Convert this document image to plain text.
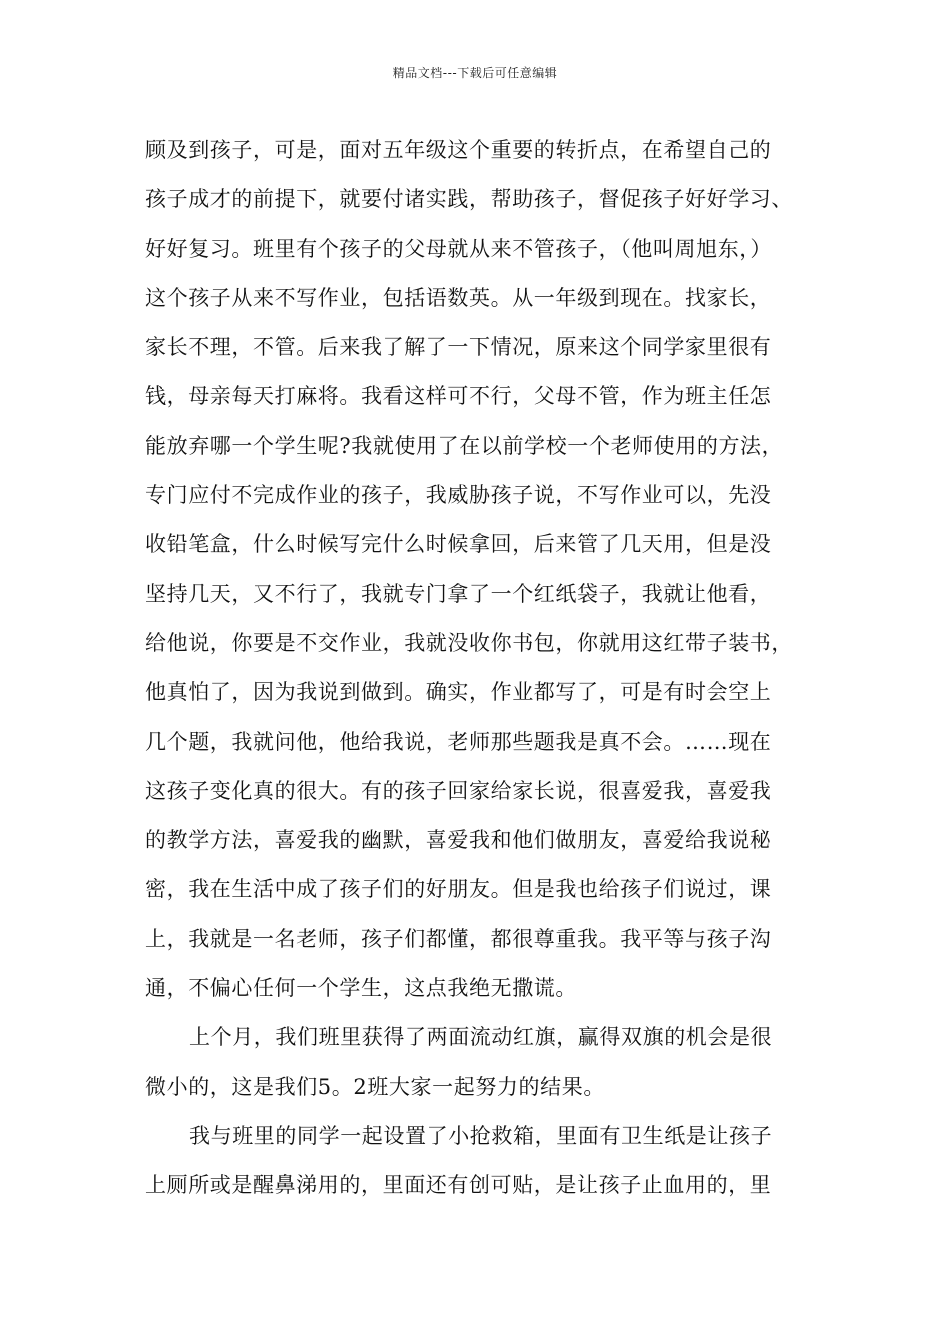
精品文档---下载后可任意编辑
顾及到孩子，可是，面对五年级这个重要的转折点，在希望自己的
孩子成才的前提下，就要付诸实践，帮助孩子，督促孩子好好学习、
好好复习。班里有个孩子的父母就从来不管孩子，（他叫周旭东，）
这个孩子从来不写作业，包括语数英。从一年级到现在。找家长，
家长不理，不管。后来我了解了一下情况，原来这个同学家里很有
钱，母亲每天打麻将。我看这样可不行，父母不管，作为班主任怎
能放弃哪一个学生呢?我就使用了在以前学校一个老师使用的方法，
专门应付不完成作业的孩子，我威胁孩子说，不写作业可以，先没
收铅笔盒，什么时候写完什么时候拿回，后来管了几天用，但是没
坚持几天，又不行了，我就专门拿了一个红纸袋子，我就让他看，
给他说，你要是不交作业，我就没收你书包，你就用这红带子装书，
他真怕了，因为我说到做到。确实，作业都写了，可是有时会空上
几个题，我就问他，他给我说，老师那些题我是真不会。……现在
这孩子变化真的很大。有的孩子回家给家长说，很喜爱我，喜爱我
的教学方法，喜爱我的幽默，喜爱我和他们做朋友，喜爱给我说秘
密，我在生活中成了孩子们的好朋友。但是我也给孩子们说过，课
上，我就是一名老师，孩子们都懂，都很尊重我。我平等与孩子沟
通，不偏心任何一个学生，这点我绝无撒谎。
上个月，我们班里获得了两面流动红旗，赢得双旗的机会是很
微小的，这是我们5。2班大家一起努力的结果。
我与班里的同学一起设置了小抢救箱，里面有卫生纸是让孩子
上厕所或是醒鼻涕用的，里面还有创可贴，是让孩子止血用的，里
